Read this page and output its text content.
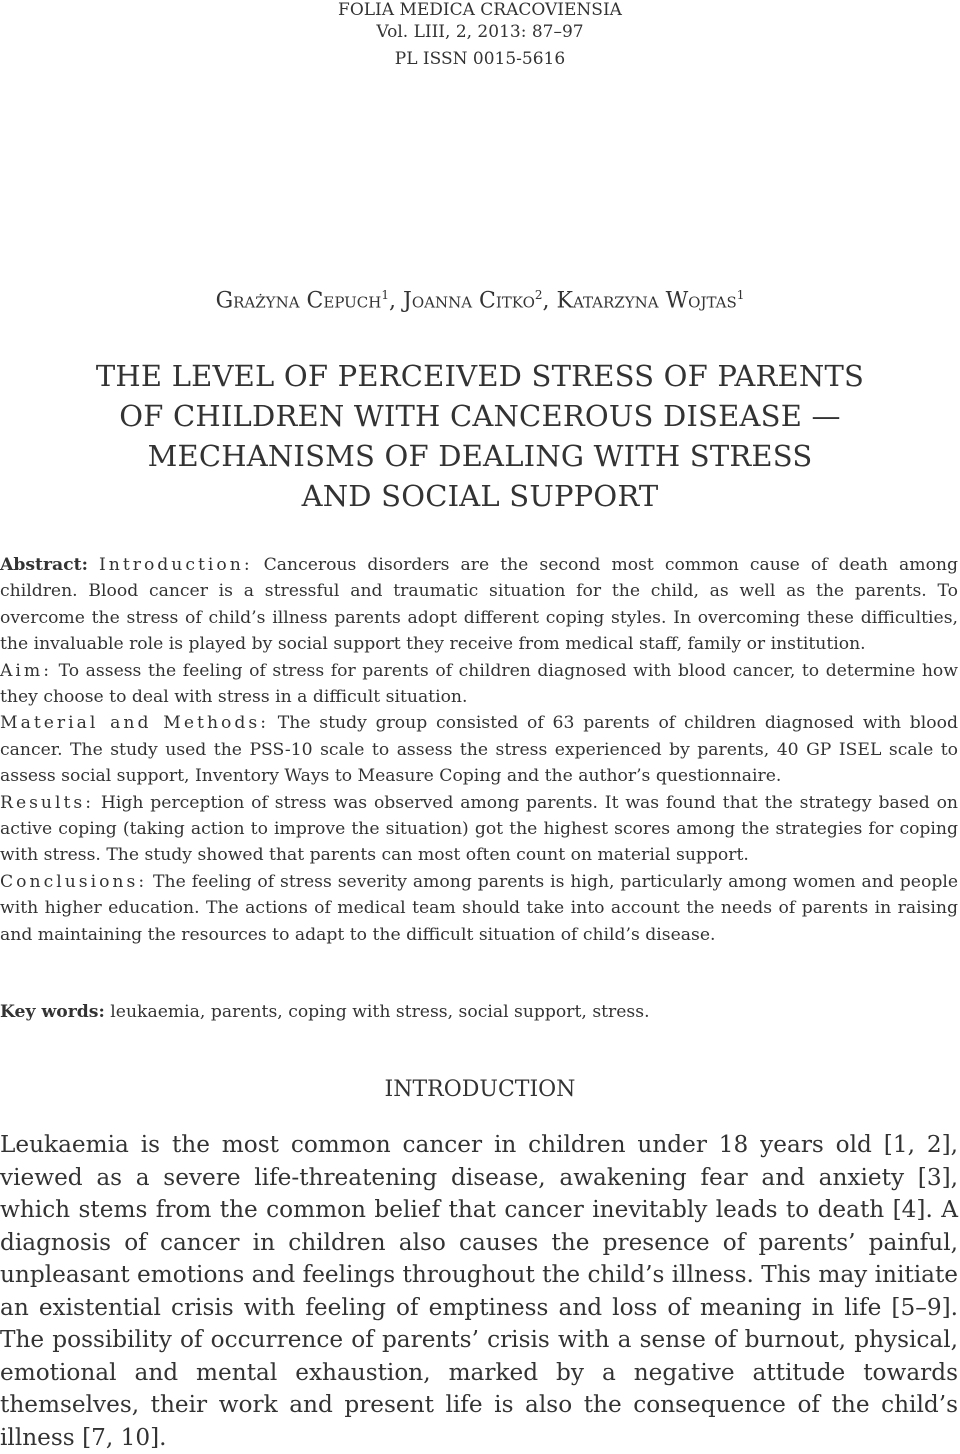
FOLIA MEDICA CRACOVIENSIA
Vol. LIII, 2, 2013: 87–97
PL ISSN 0015-5616
Grażyna Cepuch$^1$, Joanna Citko$^2$, Katarzyna Wojtas$^1$
THE LEVEL OF PERCEIVED STRESS OF PARENTS
OF CHILDREN WITH CANCEROUS DISEASE —
MECHANISMS OF DEALING WITH STRESS
AND SOCIAL SUPPORT

Abstract: Introduction: Cancerous disorders are the second most common cause of death among children. Blood cancer is a stressful and traumatic situation for the child, as well as the parents. To overcome the stress of child’s illness parents adopt different coping styles. In overcoming these difficulties, the invaluable role is played by social support they receive from medical staff, family or institution.

Aim: To assess the feeling of stress for parents of children diagnosed with blood cancer, to determine how they choose to deal with stress in a difficult situation.

Material and Methods: The study group consisted of 63 parents of children diagnosed with blood cancer. The study used the PSS-10 scale to assess the stress experienced by parents, 40 GP ISEL scale to assess social support, Inventory Ways to Measure Coping and the author’s questionnaire.

Results: High perception of stress was observed among parents. It was found that the strategy based on active coping (taking action to improve the situation) got the highest scores among the strategies for coping with stress. The study showed that parents can most often count on material support.

Conclusions: The feeling of stress severity among parents is high, particularly among women and people with higher education. The actions of medical team should take into account the needs of parents in raising and maintaining the resources to adapt to the difficult situation of child’s disease.

Key words: leukaemia, parents, coping with stress, social support, stress.
INTRODUCTION
Leukaemia is the most common cancer in children under 18 years old [1, 2], viewed as a severe life-threatening disease, awakening fear and anxiety [3], which stems from the common belief that cancer inevitably leads to death [4]. A diagnosis of cancer in children also causes the presence of parents’ painful, unpleasant emotions and feelings throughout the child’s illness. This may initiate an existential crisis with feeling of emptiness and loss of meaning in life [5–9]. The possibility of occurrence of parents’ crisis with a sense of burnout, physical, emotional and mental exhaustion, marked by a negative attitude towards themselves, their work and present life is also the consequence of the child’s illness [7, 10].
